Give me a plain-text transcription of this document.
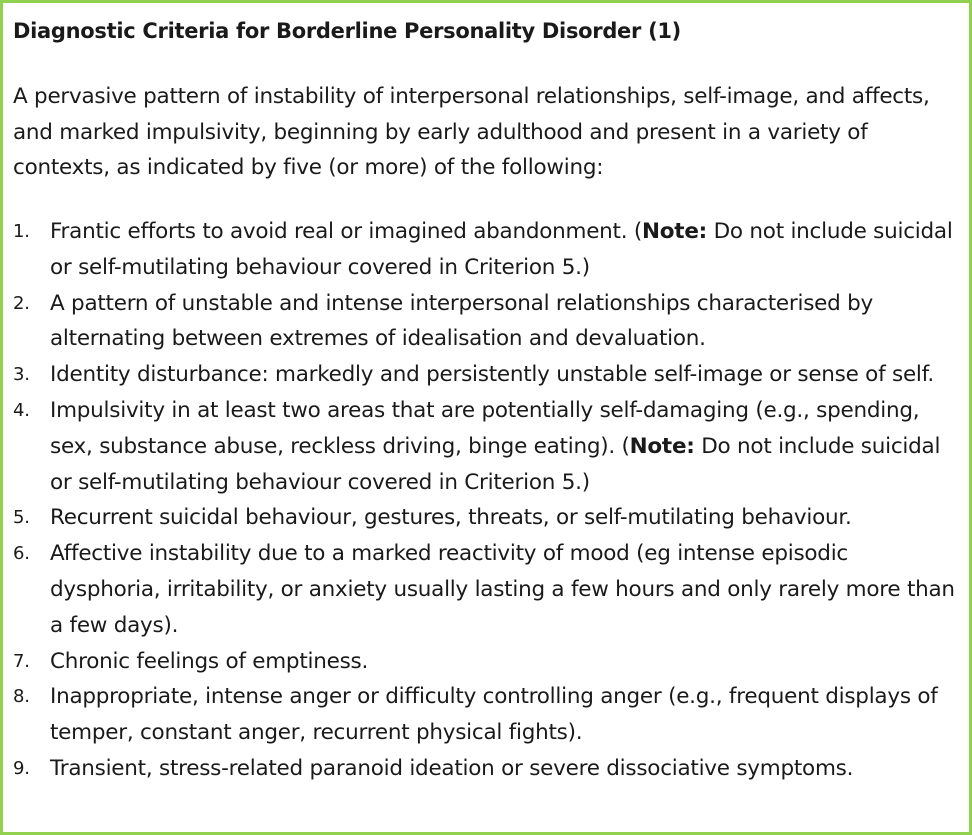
Diagnostic Criteria for Borderline Personality Disorder (1)

A pervasive pattern of instability of interpersonal relationships, self-image, and affects, and marked impulsivity, beginning by early adulthood and present in a variety of contexts, as indicated by five (or more) of the following:

1. Frantic efforts to avoid real or imagined abandonment. (Note: Do not include suicidal or self-mutilating behaviour covered in Criterion 5.)
2. A pattern of unstable and intense interpersonal relationships characterised by alternating between extremes of idealisation and devaluation.
3. Identity disturbance: markedly and persistently unstable self-image or sense of self.
4. Impulsivity in at least two areas that are potentially self-damaging (e.g., spending, sex, substance abuse, reckless driving, binge eating). (Note: Do not include suicidal or self-mutilating behaviour covered in Criterion 5.)
5. Recurrent suicidal behaviour, gestures, threats, or self-mutilating behaviour.
6. Affective instability due to a marked reactivity of mood (eg intense episodic dysphoria, irritability, or anxiety usually lasting a few hours and only rarely more than a few days).
7. Chronic feelings of emptiness.
8. Inappropriate, intense anger or difficulty controlling anger (e.g., frequent displays of temper, constant anger, recurrent physical fights).
9. Transient, stress-related paranoid ideation or severe dissociative symptoms.
